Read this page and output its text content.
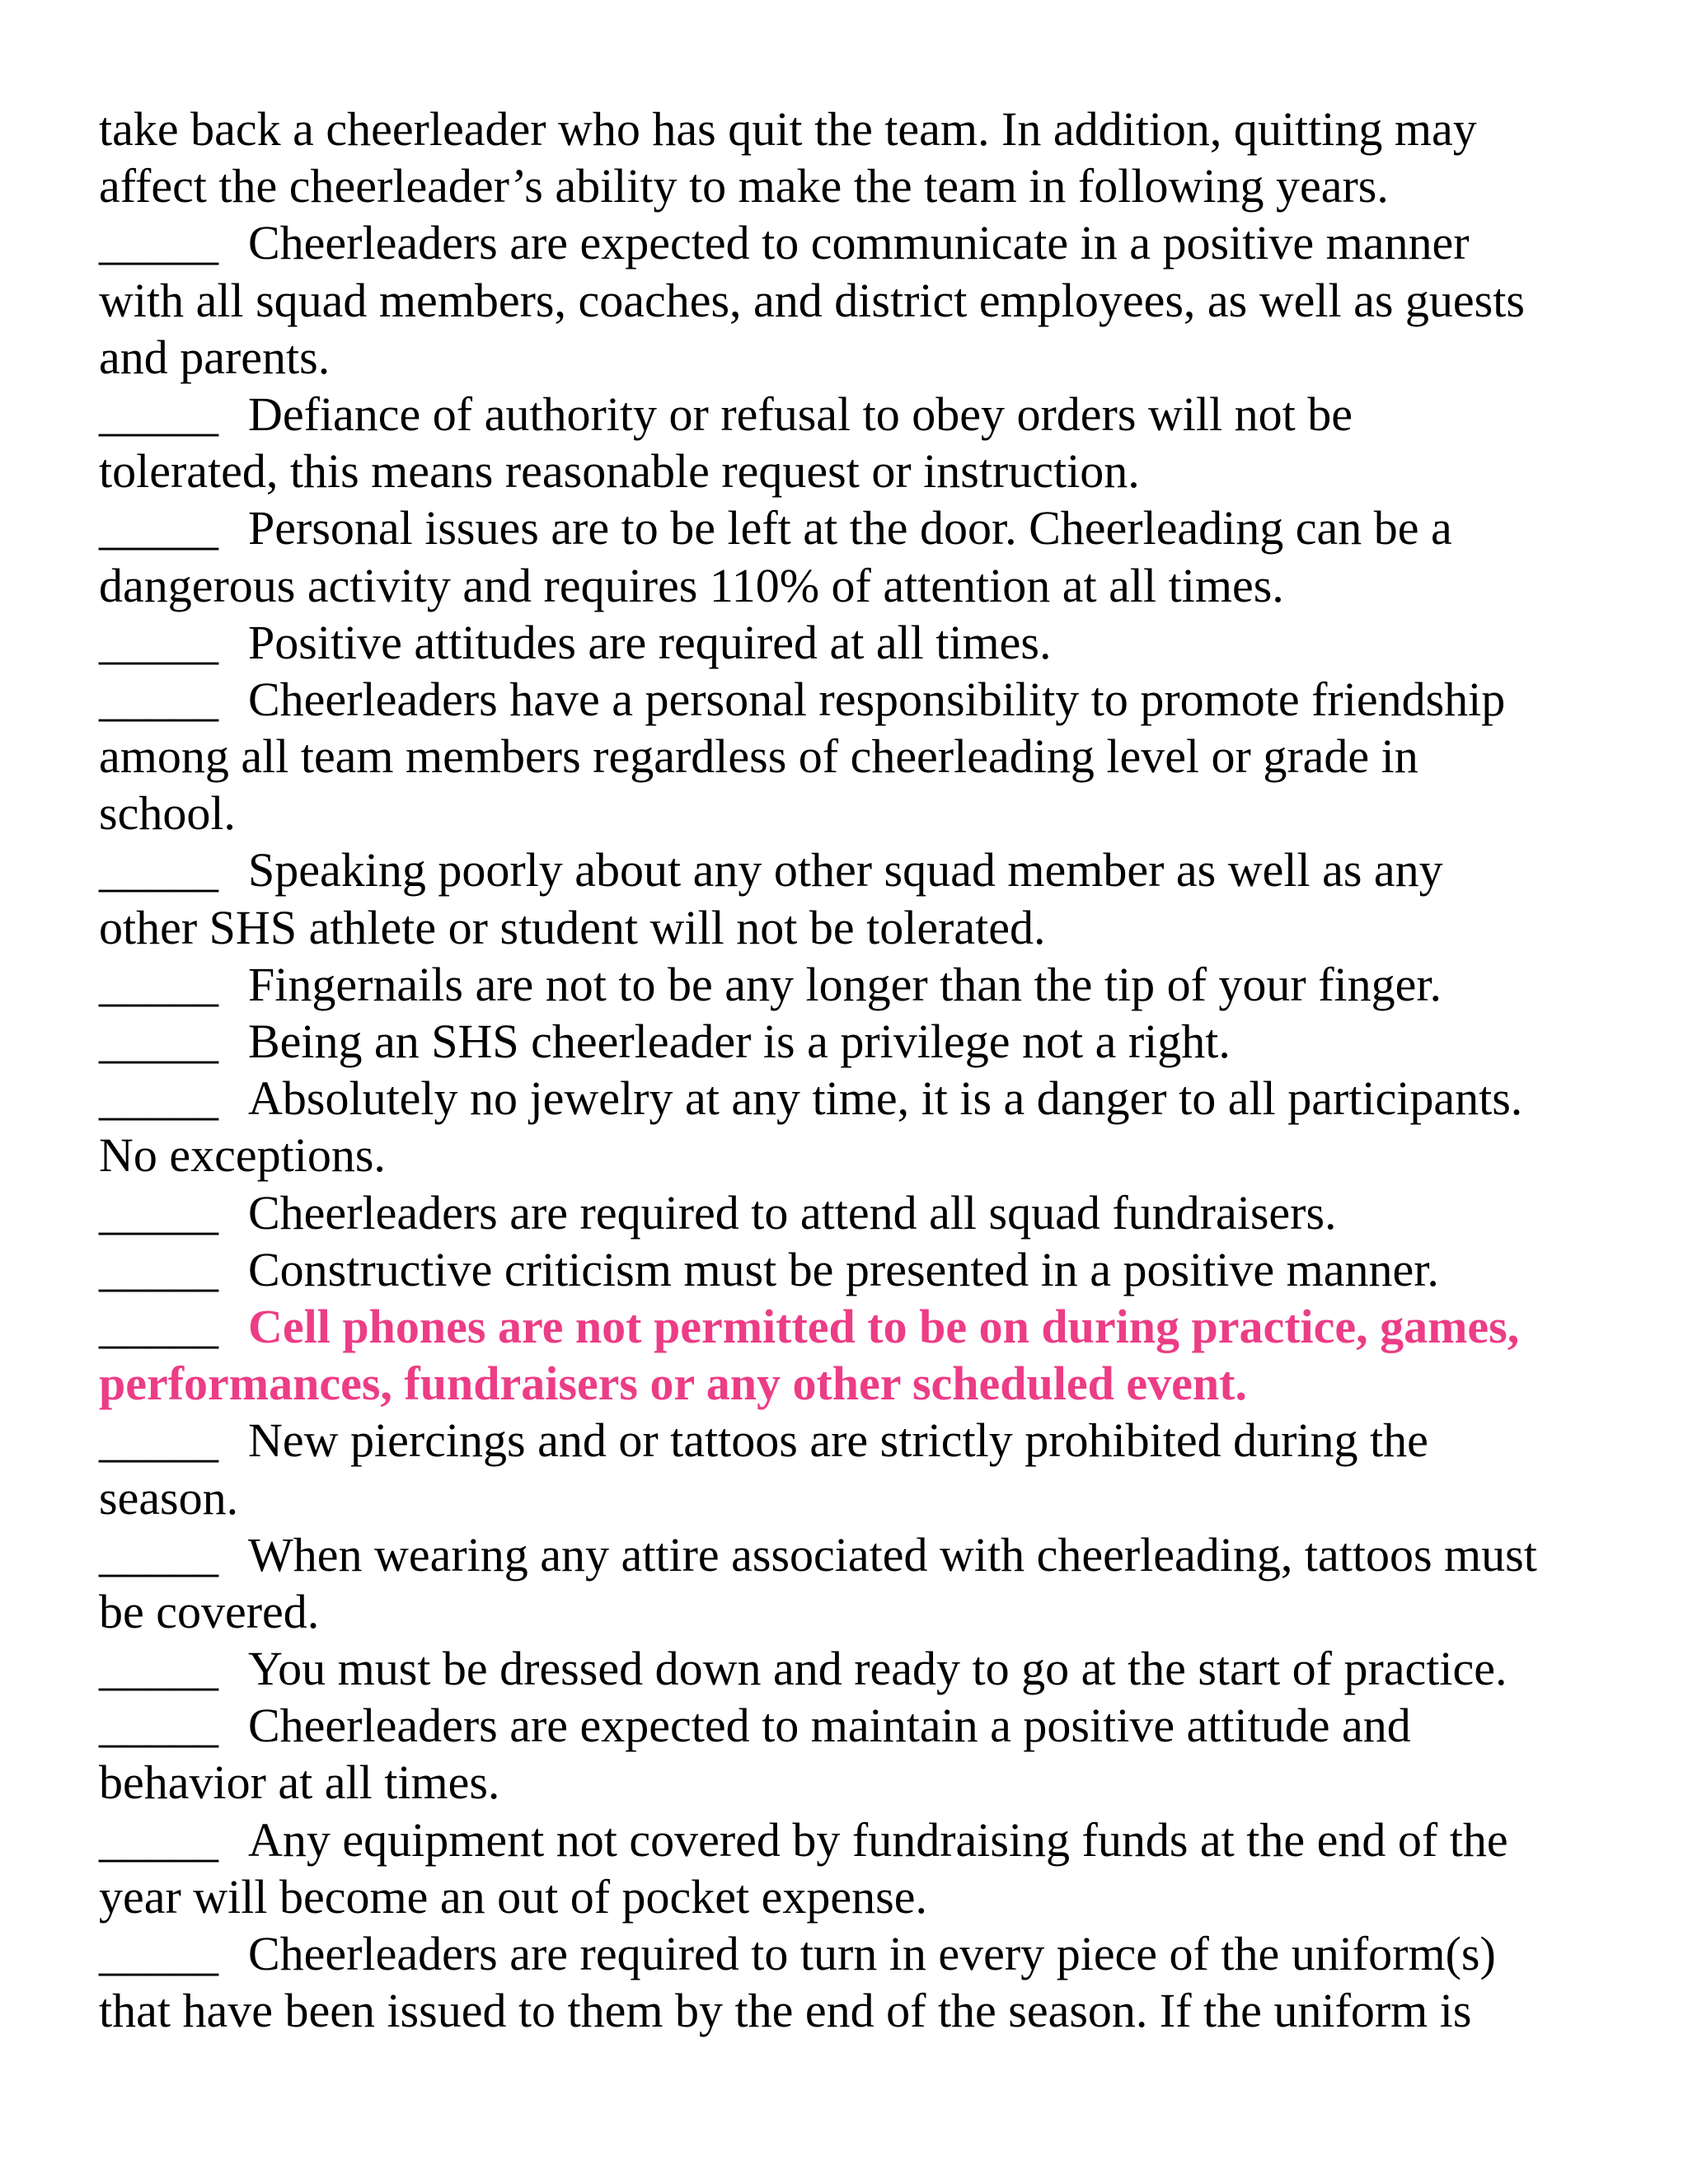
take back a cheerleader who has quit the team. In addition, quitting may
affect the cheerleader’s ability to make the team in following years.
_____ Cheerleaders are expected to communicate in a positive manner
with all squad members, coaches, and district employees, as well as guests
and parents.
_____ Defiance of authority or refusal to obey orders will not be
tolerated, this means reasonable request or instruction.
_____ Personal issues are to be left at the door. Cheerleading can be a
dangerous activity and requires 110% of attention at all times.
_____ Positive attitudes are required at all times.
_____ Cheerleaders have a personal responsibility to promote friendship
among all team members regardless of cheerleading level or grade in
school.
_____ Speaking poorly about any other squad member as well as any
other SHS athlete or student will not be tolerated.
_____ Fingernails are not to be any longer than the tip of your finger.
_____ Being an SHS cheerleader is a privilege not a right.
_____ Absolutely no jewelry at any time, it is a danger to all participants.
No exceptions.
_____ Cheerleaders are required to attend all squad fundraisers.
_____ Constructive criticism must be presented in a positive manner.
_____ Cell phones are not permitted to be on during practice, games,
performances, fundraisers or any other scheduled event.
_____ New piercings and or tattoos are strictly prohibited during the
season.
_____ When wearing any attire associated with cheerleading, tattoos must
be covered.
_____ You must be dressed down and ready to go at the start of practice.
_____ Cheerleaders are expected to maintain a positive attitude and
behavior at all times.
_____ Any equipment not covered by fundraising funds at the end of the
year will become an out of pocket expense.
_____ Cheerleaders are required to turn in every piece of the uniform(s)
that have been issued to them by the end of the season. If the uniform is
